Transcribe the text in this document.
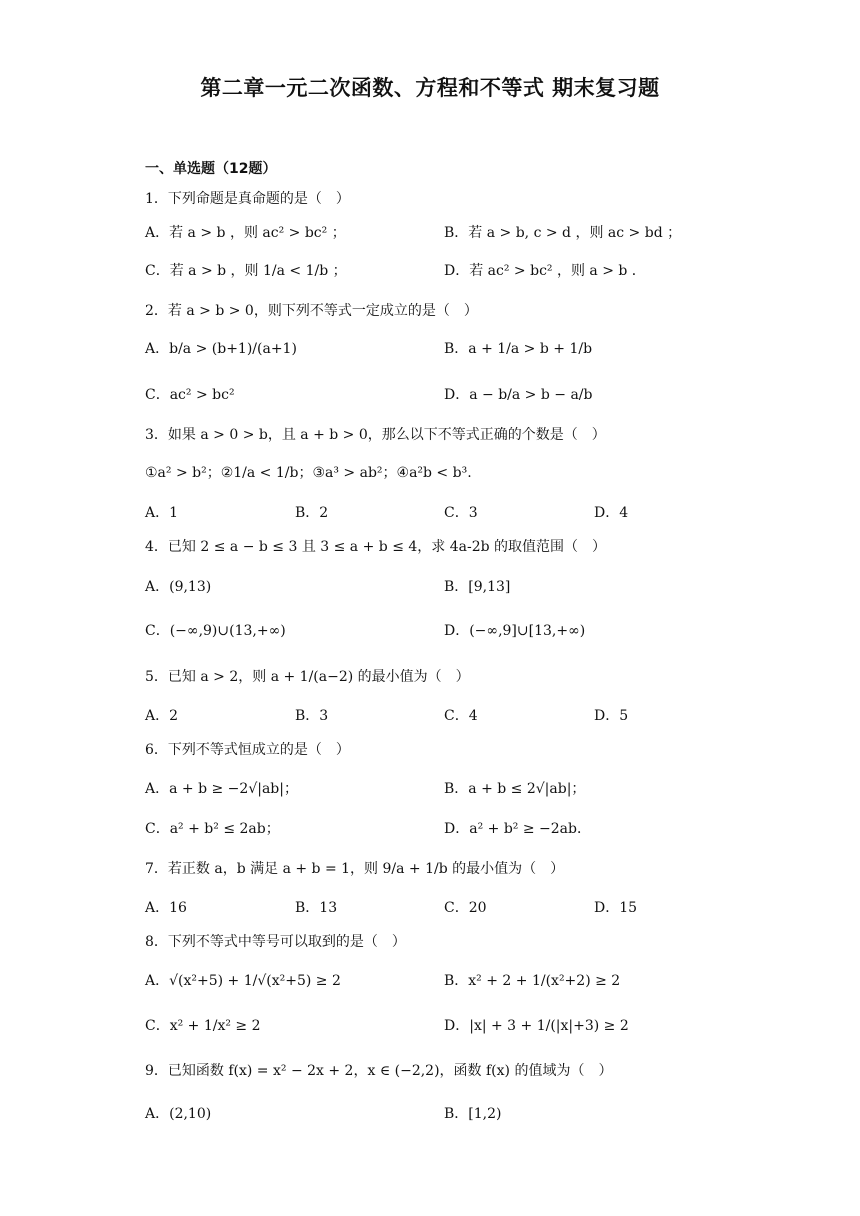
第二章一元二次函数、方程和不等式 期末复习题
一、单选题（12题）
1．下列命题是真命题的是（　）
A．若 a > b ，则 ac² > bc² ；	B．若 a > b, c > d ，则 ac > bd ；
C．若 a > b ，则 1/a < 1/b ；	D．若 ac² > bc² ，则 a > b ．
2．若 a > b > 0，则下列不等式一定成立的是（　）
A．b/a > (b+1)/(a+1)	B．a + 1/a > b + 1/b
C．ac² > bc²	D．a − b/a > b − a/b
3．如果 a > 0 > b，且 a + b > 0，那么以下不等式正确的个数是（　）
①a² > b²；②1/a < 1/b；③a³ > ab²；④a²b < b³.
A．1	B．2	C．3	D．4
4．已知 2 ≤ a − b ≤ 3 且 3 ≤ a + b ≤ 4，求 4a-2b 的取值范围（　）
A．(9,13)	B．[9,13]
C．(−∞,9)∪(13,+∞)	D．(−∞,9]∪[13,+∞)
5．已知 a > 2，则 a + 1/(a−2) 的最小值为（　）
A．2	B．3	C．4	D．5
6．下列不等式恒成立的是（　）
A．a + b ≥ −2√|ab|；	B．a + b ≤ 2√|ab|；
C．a² + b² ≤ 2ab；	D．a² + b² ≥ −2ab．
7．若正数 a，b 满足 a + b = 1，则 9/a + 1/b 的最小值为（　）
A．16	B．13	C．20	D．15
8．下列不等式中等号可以取到的是（　）
A．√(x²+5) + 1/√(x²+5) ≥ 2	B．x² + 2 + 1/(x²+2) ≥ 2
C．x² + 1/x² ≥ 2	D．|x| + 3 + 1/(|x|+3) ≥ 2
9．已知函数 f(x) = x² − 2x + 2，x ∈ (−2,2)，函数 f(x) 的值域为（　）
A．(2,10)	B．[1,2)
